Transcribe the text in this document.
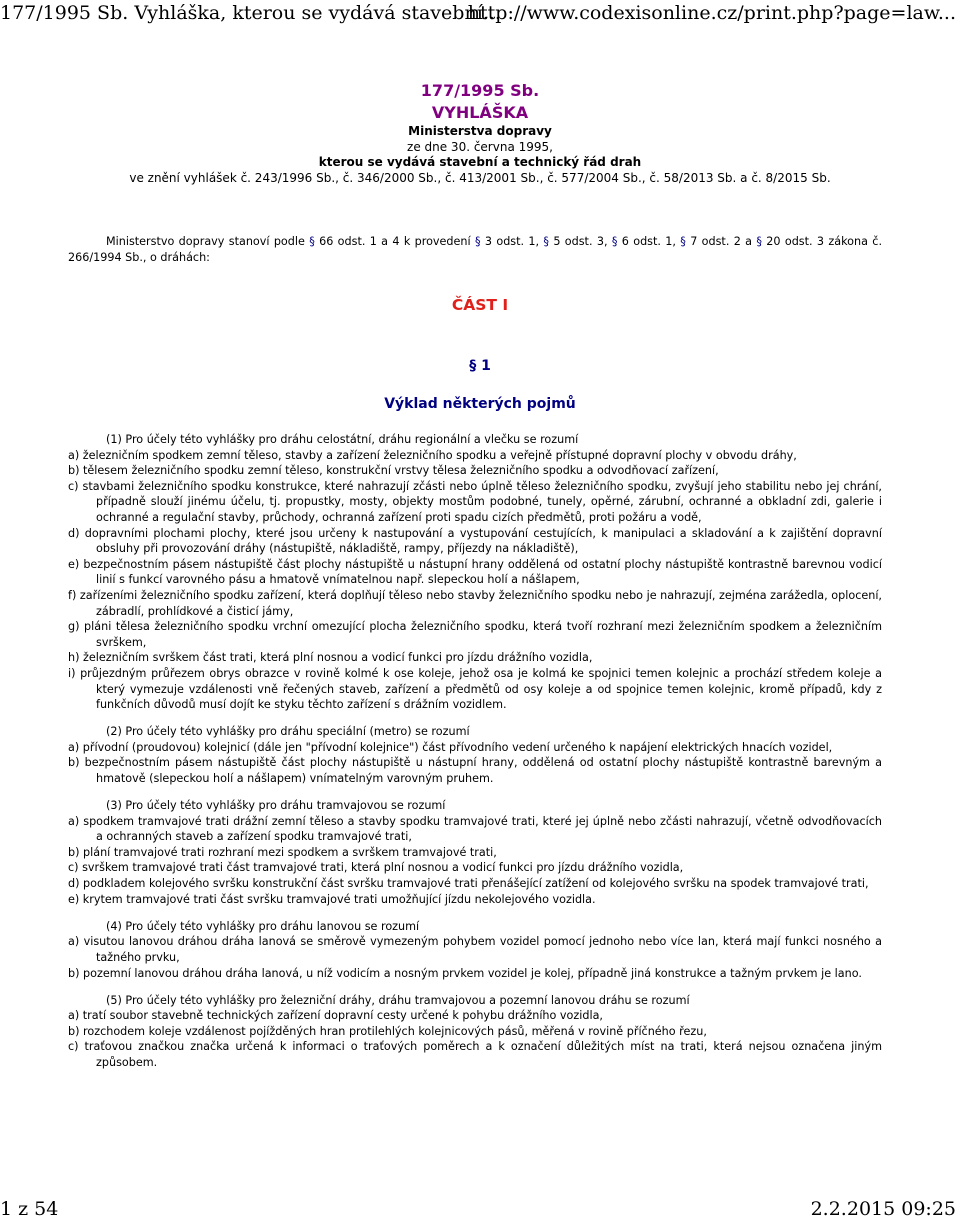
177/1995 Sb. Vyhláška, kterou se vydává stavební...
http://www.codexisonline.cz/print.php?page=law...
177/1995 Sb.
VYHLÁŠKA
Ministerstva dopravy
ze dne 30. června 1995,
kterou se vydává stavební a technický řád drah
ve znění vyhlášek č. 243/1996 Sb., č. 346/2000 Sb., č. 413/2001 Sb., č. 577/2004 Sb., č. 58/2013 Sb. a č. 8/2015 Sb.
Ministerstvo dopravy stanoví podle § 66 odst. 1 a 4 k provedení § 3 odst. 1, § 5 odst. 3, § 6 odst. 1, § 7 odst. 2 a § 20 odst. 3 zákona č. 266/1994 Sb., o dráhách:
ČÁST I
§ 1
Výklad některých pojmů
(1) Pro účely této vyhlášky pro dráhu celostátní, dráhu regionální a vlečku se rozumí
a) železničním spodkem zemní těleso, stavby a zařízení železničního spodku a veřejně přístupné dopravní plochy v obvodu dráhy,
b) tělesem železničního spodku zemní těleso, konstrukční vrstvy tělesa železničního spodku a odvodňovací zařízení,
c) stavbami železničního spodku konstrukce, které nahrazují zčásti nebo úplně těleso železničního spodku, zvyšují jeho stabilitu nebo jej chrání, případně slouží jinému účelu, tj. propustky, mosty, objekty mostům podobné, tunely, opěrné, zárubní, ochranné a obkladní zdi, galerie i ochranné a regulační stavby, průchody, ochranná zařízení proti spadu cizích předmětů, proti požáru a vodě,
d) dopravními plochami plochy, které jsou určeny k nastupování a vystupování cestujících, k manipulaci a skladování a k zajištění dopravní obsluhy při provozování dráhy (nástupiště, nákladiště, rampy, příjezdy na nákladiště),
e) bezpečnostním pásem nástupiště část plochy nástupiště u nástupní hrany oddělená od ostatní plochy nástupiště kontrastně barevnou vodicí linií s funkcí varovného pásu a hmatově vnímatelnou např. slepeckou holí a nášlapem,
f) zařízeními železničního spodku zařízení, která doplňují těleso nebo stavby železničního spodku nebo je nahrazují, zejména zarážedla, oplocení, zábradlí, prohlídkové a čisticí jámy,
g) pláni tělesa železničního spodku vrchní omezující plocha železničního spodku, která tvoří rozhraní mezi železničním spodkem a železničním svrškem,
h) železničním svrškem část trati, která plní nosnou a vodicí funkci pro jízdu drážního vozidla,
i) průjezdným průřezem obrys obrazce v rovině kolmé k ose koleje, jehož osa je kolmá ke spojnici temen kolejnic a prochází středem koleje a který vymezuje vzdálenosti vně řečených staveb, zařízení a předmětů od osy koleje a od spojnice temen kolejnic, kromě případů, kdy z funkčních důvodů musí dojít ke styku těchto zařízení s drážním vozidlem.
(2) Pro účely této vyhlášky pro dráhu speciální (metro) se rozumí
a) přívodní (proudovou) kolejnicí (dále jen "přívodní kolejnice") část přívodního vedení určeného k napájení elektrických hnacích vozidel,
b) bezpečnostním pásem nástupiště část plochy nástupiště u nástupní hrany, oddělená od ostatní plochy nástupiště kontrastně barevným a hmatově (slepeckou holí a nášlapem) vnímatelným varovným pruhem.
(3) Pro účely této vyhlášky pro dráhu tramvajovou se rozumí
a) spodkem tramvajové trati drážní zemní těleso a stavby spodku tramvajové trati, které jej úplně nebo zčásti nahrazují, včetně odvodňovacích a ochranných staveb a zařízení spodku tramvajové trati,
b) plání tramvajové trati rozhraní mezi spodkem a svrškem tramvajové trati,
c) svrškem tramvajové trati část tramvajové trati, která plní nosnou a vodicí funkci pro jízdu drážního vozidla,
d) podkladem kolejového svršku konstrukční část svršku tramvajové trati přenášející zatížení od kolejového svršku na spodek tramvajové trati,
e) krytem tramvajové trati část svršku tramvajové trati umožňující jízdu nekolejového vozidla.
(4) Pro účely této vyhlášky pro dráhu lanovou se rozumí
a) visutou lanovou dráhou dráha lanová se směrově vymezeným pohybem vozidel pomocí jednoho nebo více lan, která mají funkci nosného a tažného prvku,
b) pozemní lanovou dráhou dráha lanová, u níž vodicím a nosným prvkem vozidel je kolej, případně jiná konstrukce a tažným prvkem je lano.
(5) Pro účely této vyhlášky pro železniční dráhy, dráhu tramvajovou a pozemní lanovou dráhu se rozumí
a) tratí soubor stavebně technických zařízení dopravní cesty určené k pohybu drážního vozidla,
b) rozchodem koleje vzdálenost pojížděných hran protilehlých kolejnicových pásů, měřená v rovině příčného řezu,
c) traťovou značkou značka určená k informaci o traťových poměrech a k označení důležitých míst na trati, která nejsou označena jiným způsobem.
1 z 54	2.2.2015 09:25
